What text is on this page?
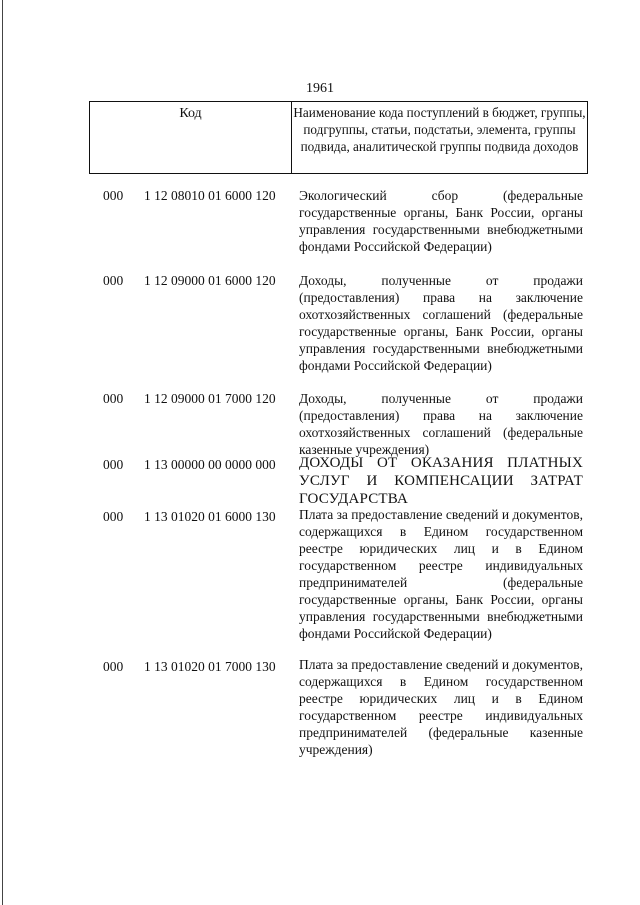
1961
Код	Наименование кода поступлений в бюджет, группы, подгруппы, статьи, подстатьи, элемента, группы подвида, аналитической группы подвида доходов
000 1 12 08010 01 6000 120 Экологический сбор (федеральные государственные органы, Банк России, органы управления государственными внебюджетными фондами Российской Федерации)
000 1 12 09000 01 6000 120 Доходы, полученные от продажи (предоставления) права на заключение охотхозяйственных соглашений (федеральные государственные органы, Банк России, органы управления государственными внебюджетными фондами Российской Федерации)
000 1 12 09000 01 7000 120 Доходы, полученные от продажи (предоставления) права на заключение охотхозяйственных соглашений (федеральные казенные учреждения)
000 1 13 00000 00 0000 000 ДОХОДЫ ОТ ОКАЗАНИЯ ПЛАТНЫХ УСЛУГ И КОМПЕНСАЦИИ ЗАТРАТ ГОСУДАРСТВА
000 1 13 01020 01 6000 130 Плата за предоставление сведений и документов, содержащихся в Едином государственном реестре юридических лиц и в Едином государственном реестре индивидуальных предпринимателей (федеральные государственные органы, Банк России, органы управления государственными внебюджетными фондами Российской Федерации)
000 1 13 01020 01 7000 130 Плата за предоставление сведений и документов, содержащихся в Едином государственном реестре юридических лиц и в Едином государственном реестре индивидуальных предпринимателей (федеральные казенные учреждения)
